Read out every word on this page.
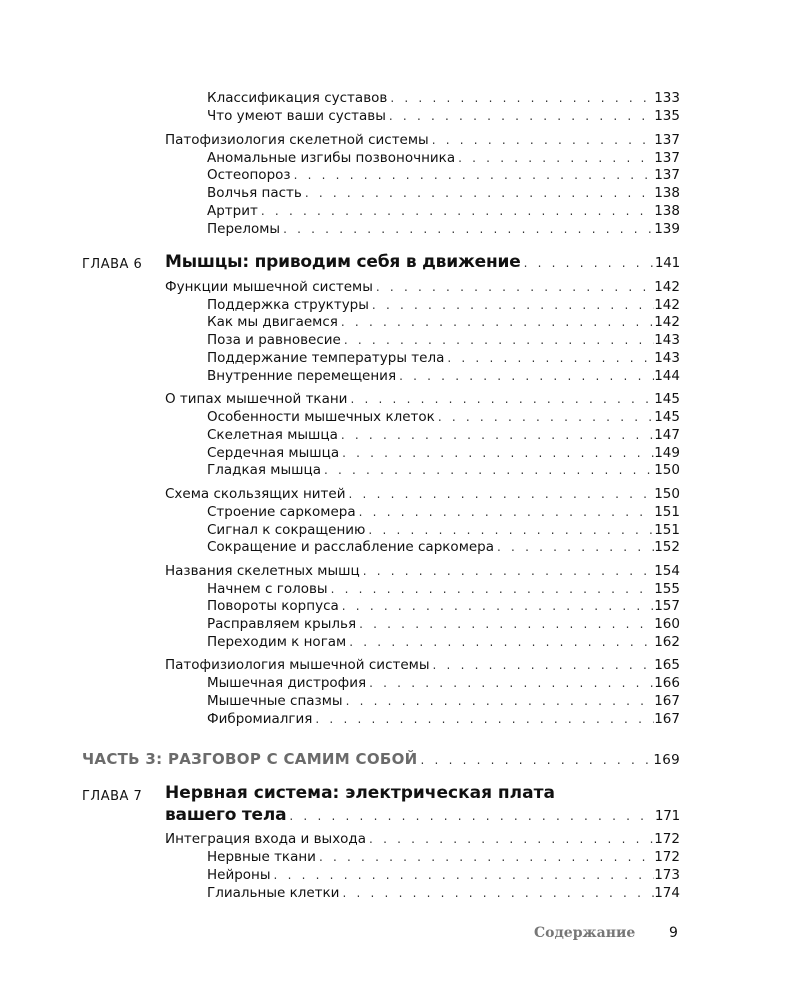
Классификация суставов . . .	133
Что умеют ваши суставы . . .	135
Патофизиология скелетной системы . . .	137
Аномальные изгибы позвоночника . . .	137
Остеопороз . . .	137
Волчья пасть . . .	138
Артрит . . .	138
Переломы . . .	139
ГЛАВА 6 Мышцы: приводим себя в движение . . .	141
Функции мышечной системы . . .	142
Поддержка структуры . . .	142
Как мы двигаемся . . .	142
Поза и равновесие . . .	143
Поддержание температуры тела . . .	143
Внутренние перемещения . . .	144
О типах мышечной ткани . . .	145
Особенности мышечных клеток . . .	145
Скелетная мышца . . .	147
Сердечная мышца . . .	149
Гладкая мышца . . .	150
Схема скользящих нитей . . .	150
Строение саркомера . . .	151
Сигнал к сокращению . . .	151
Сокращение и расслабление саркомера . . .	152
Названия скелетных мышц . . .	154
Начнем с головы . . .	155
Повороты корпуса . . .	157
Расправляем крылья . . .	160
Переходим к ногам . . .	162
Патофизиология мышечной системы . . .	165
Мышечная дистрофия . . .	166
Мышечные спазмы . . .	167
Фибромиалгия . . .	167
ЧАСТЬ 3: РАЗГОВОР С САМИМ СОБОЙ . . .	169
ГЛАВА 7 Нервная система: электрическая плата
вашего тела . . .	171
Интеграция входа и выхода . . .	172
Нервные ткани . . .	172
Нейроны . . .	173
Глиальные клетки . . .	174
Содержание 9
